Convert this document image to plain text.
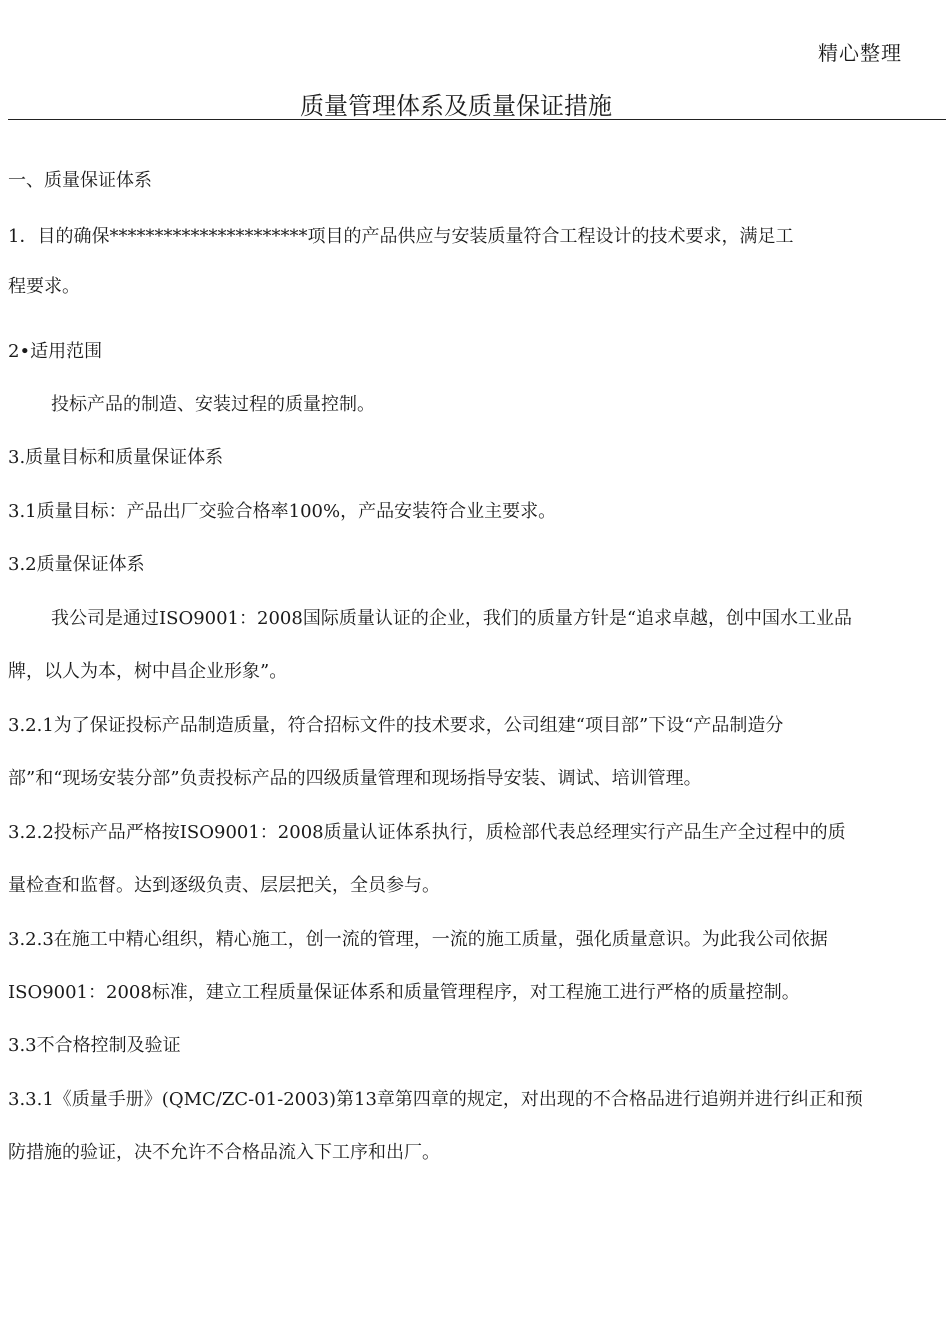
精心整理
质量管理体系及质量保证措施
一、质量保证体系
1．目的确保**********************项目的产品供应与安装质量符合工程设计的技术要求，满足工
程要求。
2•适用范围
投标产品的制造、安装过程的质量控制。
3.质量目标和质量保证体系
3.1质量目标：产品出厂交验合格率100%，产品安装符合业主要求。
3.2质量保证体系
我公司是通过ISO9001：2008国际质量认证的企业，我们的质量方针是“追求卓越，创中国水工业品
牌，以人为本，树中昌企业形象”。
3.2.1为了保证投标产品制造质量，符合招标文件的技术要求，公司组建“项目部”下设“产品制造分
部”和“现场安装分部”负责投标产品的四级质量管理和现场指导安装、调试、培训管理。
3.2.2投标产品严格按ISO9001：2008质量认证体系执行，质检部代表总经理实行产品生产全过程中的质
量检查和监督。达到逐级负责、层层把关，全员参与。
3.2.3在施工中精心组织，精心施工，创一流的管理，一流的施工质量，强化质量意识。为此我公司依据
ISO9001：2008标准，建立工程质量保证体系和质量管理程序，对工程施工进行严格的质量控制。
3.3不合格控制及验证
3.3.1《质量手册》(QMC/ZC-01-2003)第13章第四章的规定，对出现的不合格品进行追朔并进行纠正和预
防措施的验证，决不允许不合格品流入下工序和出厂。
